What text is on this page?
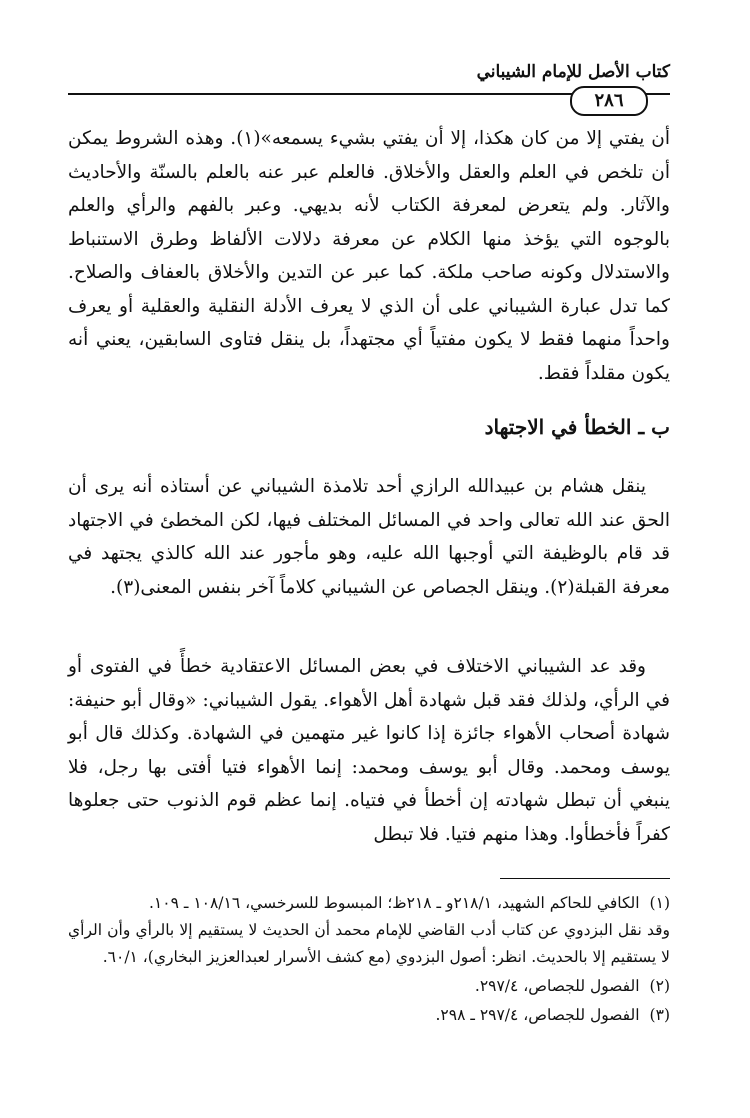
كتاب الأصل للإمام الشيباني
٢٨٦

أن يفتي إلا من كان هكذا، إلا أن يفتي بشيء يسمعه»(١). وهذه الشروط يمكن أن تلخص في العلم والعقل والأخلاق. فالعلم عبر عنه بالعلم بالسنّة والأحاديث والآثار. ولم يتعرض لمعرفة الكتاب لأنه بديهي. وعبر بالفهم والرأي والعلم بالوجوه التي يؤخذ منها الكلام عن معرفة دلالات الألفاظ وطرق الاستنباط والاستدلال وكونه صاحب ملكة. كما عبر عن التدين والأخلاق بالعفاف والصلاح. كما تدل عبارة الشيباني على أن الذي لا يعرف الأدلة النقلية والعقلية أو يعرف واحداً منهما فقط لا يكون مفتياً أي مجتهداً، بل ينقل فتاوى السابقين، يعني أنه يكون مقلداً فقط.

ب ـ الخطأ في الاجتهاد

ينقل هشام بن عبيدالله الرازي أحد تلامذة الشيباني عن أستاذه أنه يرى أن الحق عند الله تعالى واحد في المسائل المختلف فيها، لكن المخطئ في الاجتهاد قد قام بالوظيفة التي أوجبها الله عليه، وهو مأجور عند الله كالذي يجتهد في معرفة القبلة(٢). وينقل الجصاص عن الشيباني كلاماً آخر بنفس المعنى(٣).

وقد عد الشيباني الاختلاف في بعض المسائل الاعتقادية خطأً في الفتوى أو في الرأي، ولذلك فقد قبل شهادة أهل الأهواء. يقول الشيباني: «وقال أبو حنيفة: شهادة أصحاب الأهواء جائزة إذا كانوا غير متهمين في الشهادة. وكذلك قال أبو يوسف ومحمد. وقال أبو يوسف ومحمد: إنما الأهواء فتيا أفتى بها رجل، فلا ينبغي أن تبطل شهادته إن أخطأ في فتياه. إنما عظم قوم الذنوب حتى جعلوها كفراً فأخطأوا. وهذا منهم فتيا. فلا تبطل

(١)الكافي للحاكم الشهيد، ٢١٨/١و ـ ٢١٨ظ؛ المبسوط للسرخسي، ١٠٨/١٦ ـ ١٠٩.
وقد نقل البزدوي عن كتاب أدب القاضي للإمام محمد أن الحديث لا يستقيم إلا بالرأي وأن الرأي لا يستقيم إلا بالحديث. انظر: أصول البزدوي (مع كشف الأسرار لعبدالعزيز البخاري)، ٦٠/١.
(٢)الفصول للجصاص، ٢٩٧/٤.
(٣)الفصول للجصاص، ٢٩٧/٤ ـ ٢٩٨.
